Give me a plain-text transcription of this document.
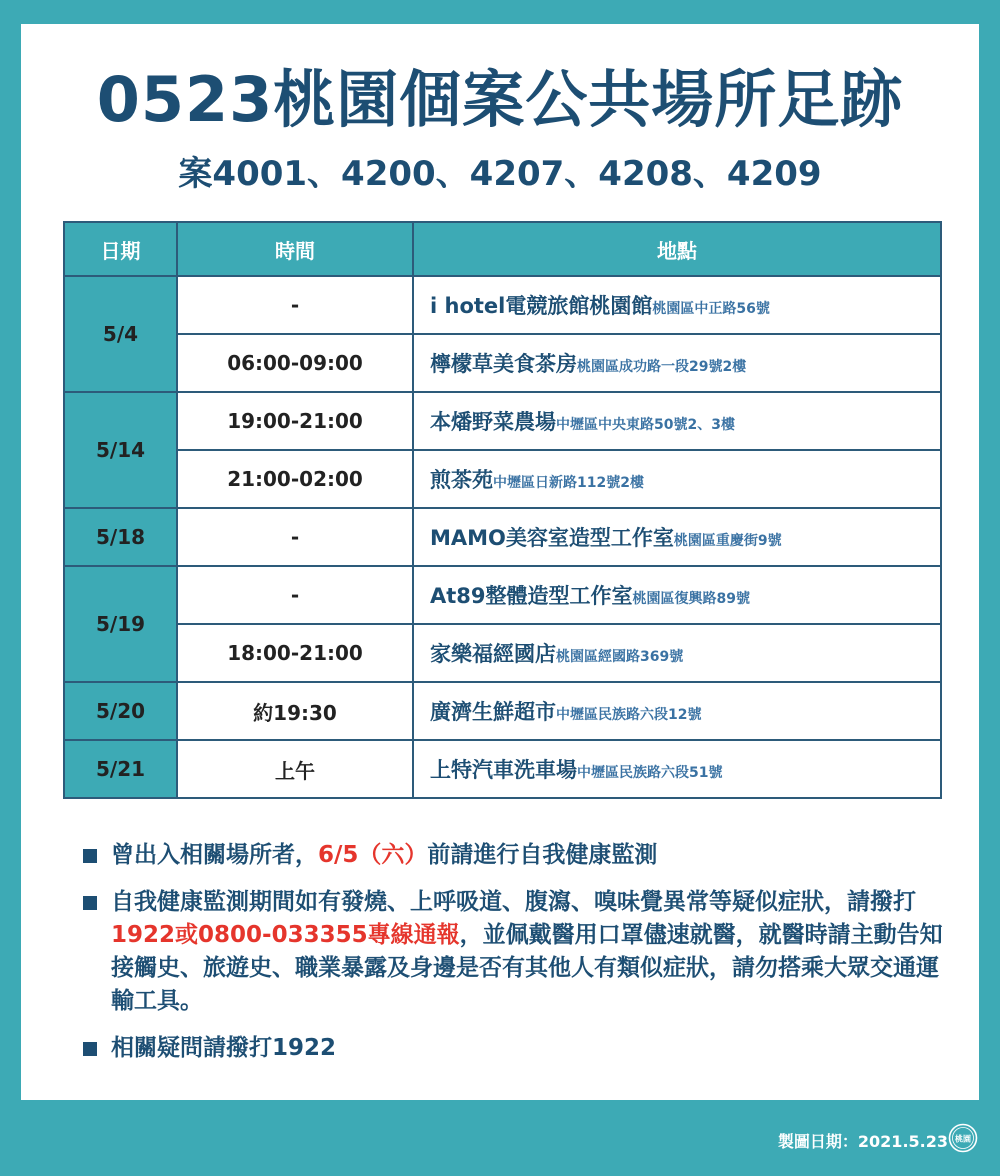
0523桃園個案公共場所足跡
案4001、4200、4207、4208、4209
日期	時間	地點
5/4	-	i hotel電競旅館桃園館桃園區中正路56號
	06:00-09:00	檸檬草美食茶房桃園區成功路一段29號2樓
5/14	19:00-21:00	本燔野菜農場中壢區中央東路50號2、3樓
	21:00-02:00	煎茶苑中壢區日新路112號2樓
5/18	-	MAMO美容室造型工作室桃園區重慶街9號
5/19	-	At89整體造型工作室桃園區復興路89號
	18:00-21:00	家樂福經國店桃園區經國路369號
5/20	約19:30	廣濟生鮮超市中壢區民族路六段12號
5/21	上午	上特汽車洗車場中壢區民族路六段51號
曾出入相關場所者，6/5（六）前請進行自我健康監測
自我健康監測期間如有發燒、上呼吸道、腹瀉、嗅味覺異常等疑似症狀，請撥打1922或0800-033355專線通報，並佩戴醫用口罩儘速就醫，就醫時請主動告知接觸史、旅遊史、職業暴露及身邊是否有其他人有類似症狀，請勿搭乘大眾交通運輸工具。
相關疑問請撥打1922
製圖日期：2021.5.23 桃園
